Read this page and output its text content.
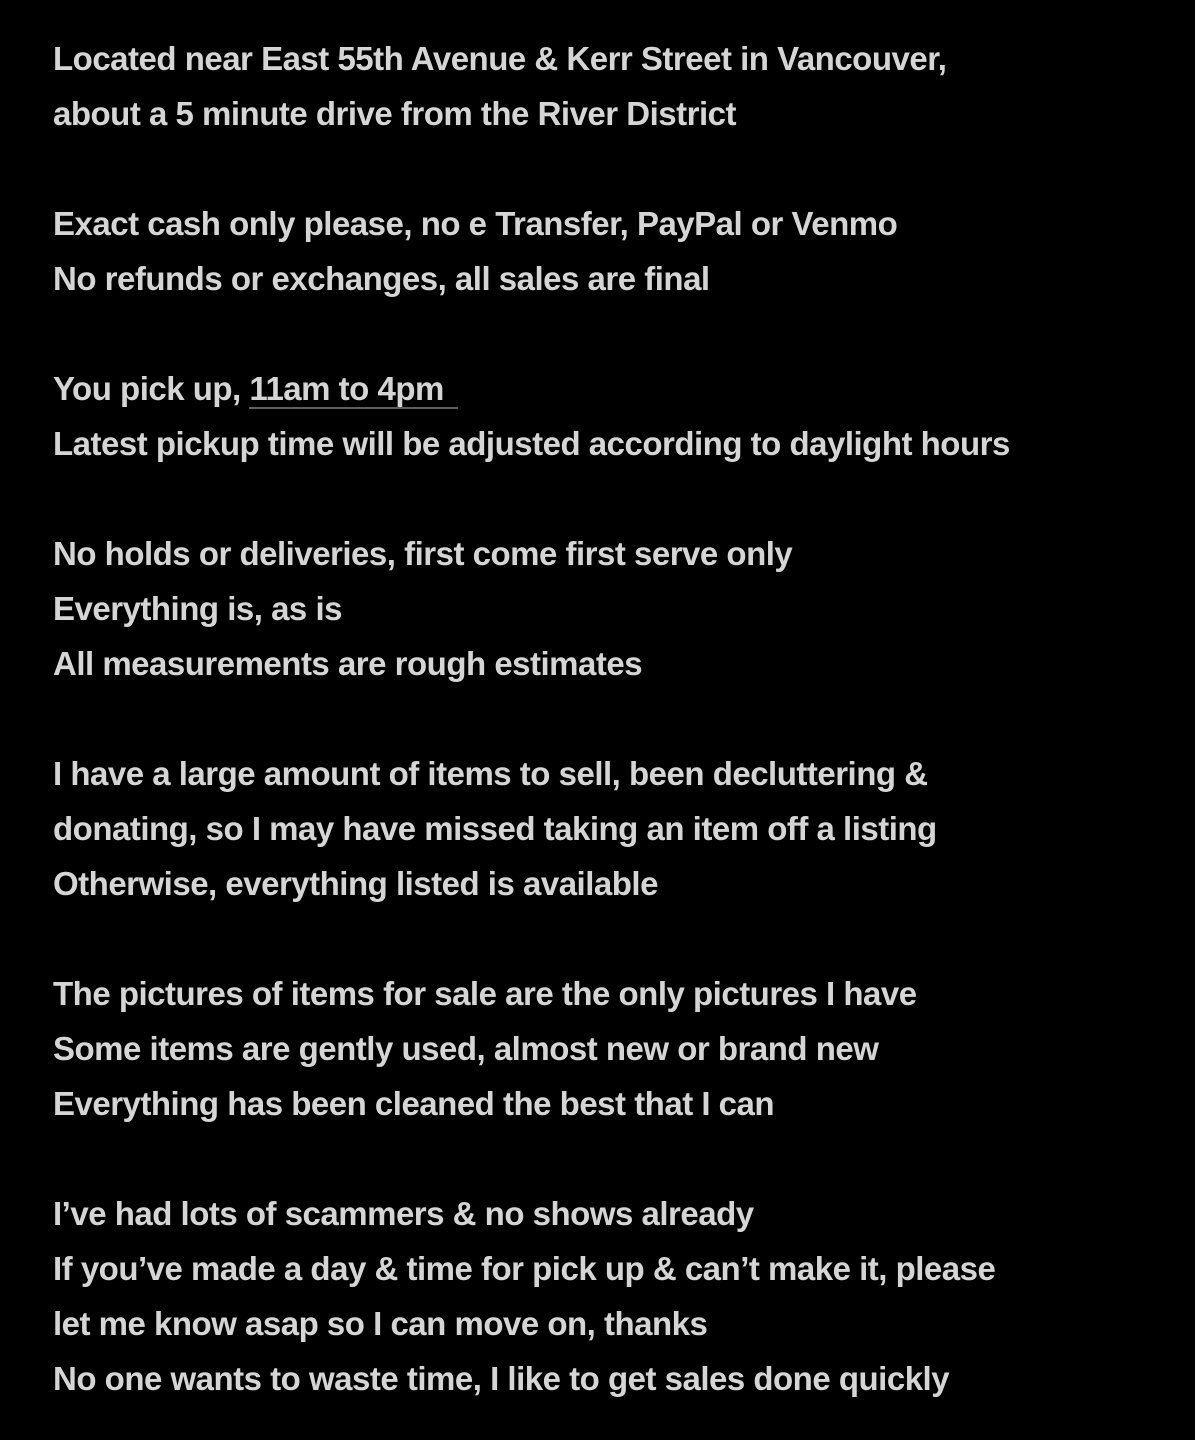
Located near East 55th Avenue & Kerr Street in Vancouver,
about a 5 minute drive from the River District
Exact cash only please, no e Transfer, PayPal or Venmo
No refunds or exchanges, all sales are final
You pick up, 11am to 4pm
Latest pickup time will be adjusted according to daylight hours
No holds or deliveries, first come first serve only
Everything is, as is
All measurements are rough estimates
I have a large amount of items to sell, been decluttering &
donating, so I may have missed taking an item off a listing
Otherwise, everything listed is available
The pictures of items for sale are the only pictures I have
Some items are gently used, almost new or brand new
Everything has been cleaned the best that I can
I’ve had lots of scammers & no shows already
If you’ve made a day & time for pick up & can’t make it, please
let me know asap so I can move on, thanks
No one wants to waste time, I like to get sales done quickly
